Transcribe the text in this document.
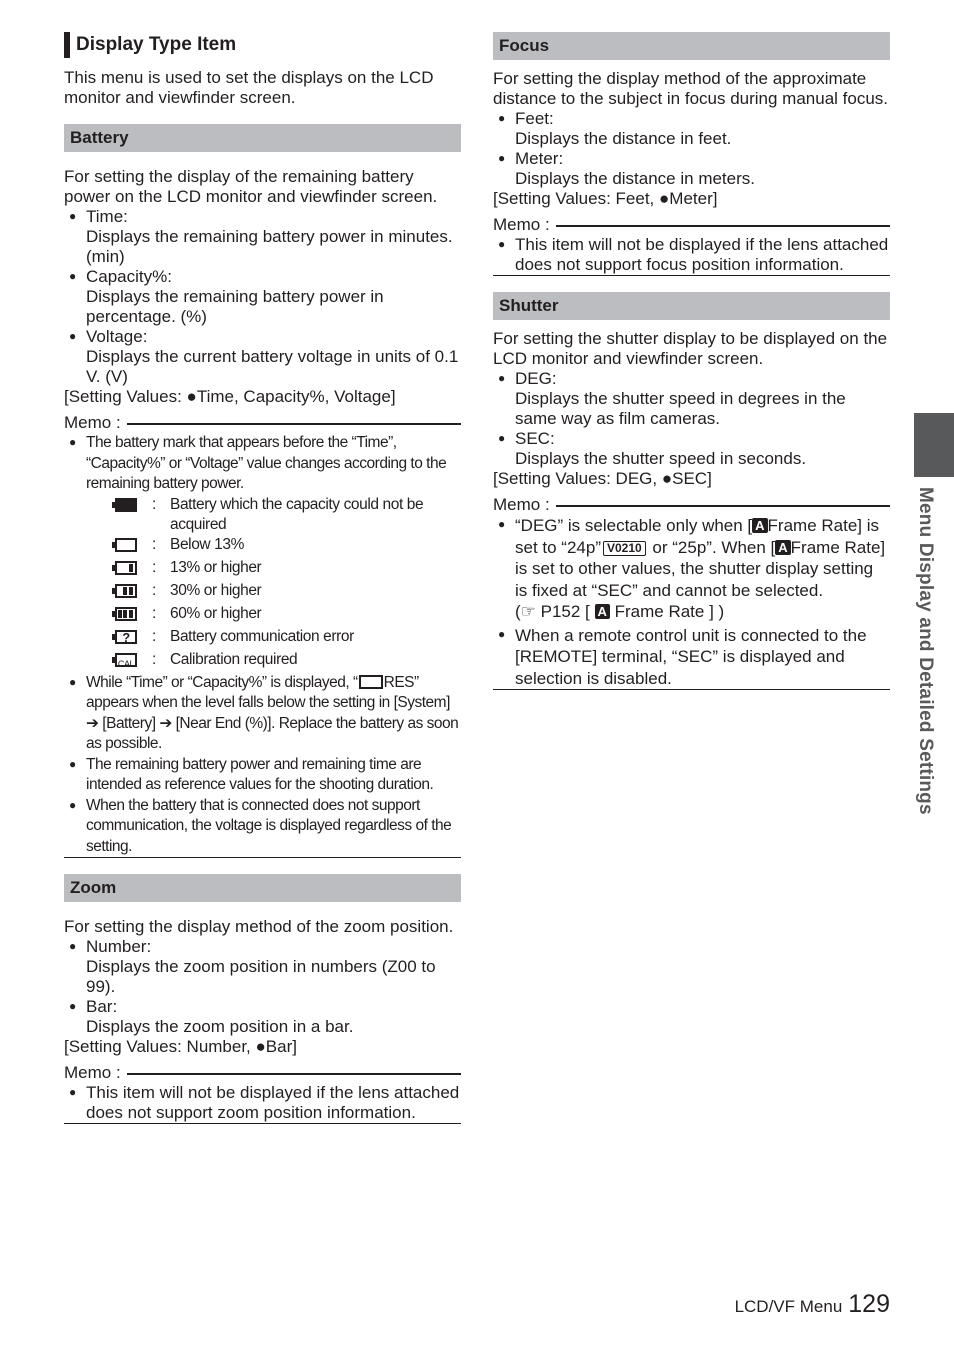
Display Type Item
This menu is used to set the displays on the LCD monitor and viewfinder screen.
Battery
For setting the display of the remaining battery power on the LCD monitor and viewfinder screen.
● Time:
Displays the remaining battery power in minutes. (min)
● Capacity%:
Displays the remaining battery power in percentage. (%)
● Voltage:
Displays the current battery voltage in units of 0.1 V. (V)
[Setting Values: ●Time, Capacity%, Voltage]
Memo :
● The battery mark that appears before the “Time”, “Capacity%” or “Voltage” value changes according to the remaining battery power.
	:	Battery which the capacity could not be acquired

	:	Below 13%

	:	13% or higher

	:	30% or higher

	:	60% or higher

?	:	Battery communication error

CAL	:	Calibration required
● While “Time” or “Capacity%” is displayed, “ RES” appears when the level falls below the setting in [System] ➔ [Battery] ➔ [Near End (%)]. Replace the battery as soon as possible.
● The remaining battery power and remaining time are intended as reference values for the shooting duration.
● When the battery that is connected does not support communication, the voltage is displayed regardless of the setting.
Zoom
For setting the display method of the zoom position.
● Number:
Displays the zoom position in numbers (Z00 to 99).
● Bar:
Displays the zoom position in a bar.
[Setting Values: Number, ●Bar]
Memo :
● This item will not be displayed if the lens attached does not support zoom position information.
Focus
For setting the display method of the approximate distance to the subject in focus during manual focus.
● Feet:
Displays the distance in feet.
● Meter:
Displays the distance in meters.
[Setting Values: Feet, ●Meter]
Memo :
● This item will not be displayed if the lens attached does not support focus position information.
Shutter
For setting the shutter display to be displayed on the LCD monitor and viewfinder screen.
● DEG:
Displays the shutter speed in degrees in the same way as film cameras.
● SEC:
Displays the shutter speed in seconds.
[Setting Values: DEG, ●SEC]
Memo :
● “DEG” is selectable only when [ A Frame Rate] is set to “24p” V0210 or “25p”. When [ A Frame Rate] is set to other values, the shutter display setting is fixed at “SEC” and cannot be selected.
(☞ P152 [ A Frame Rate ] )
● When a remote control unit is connected to the [REMOTE] terminal, “SEC” is displayed and selection is disabled.	Menu Display and Detailed Settings
LCD/VF Menu 129
